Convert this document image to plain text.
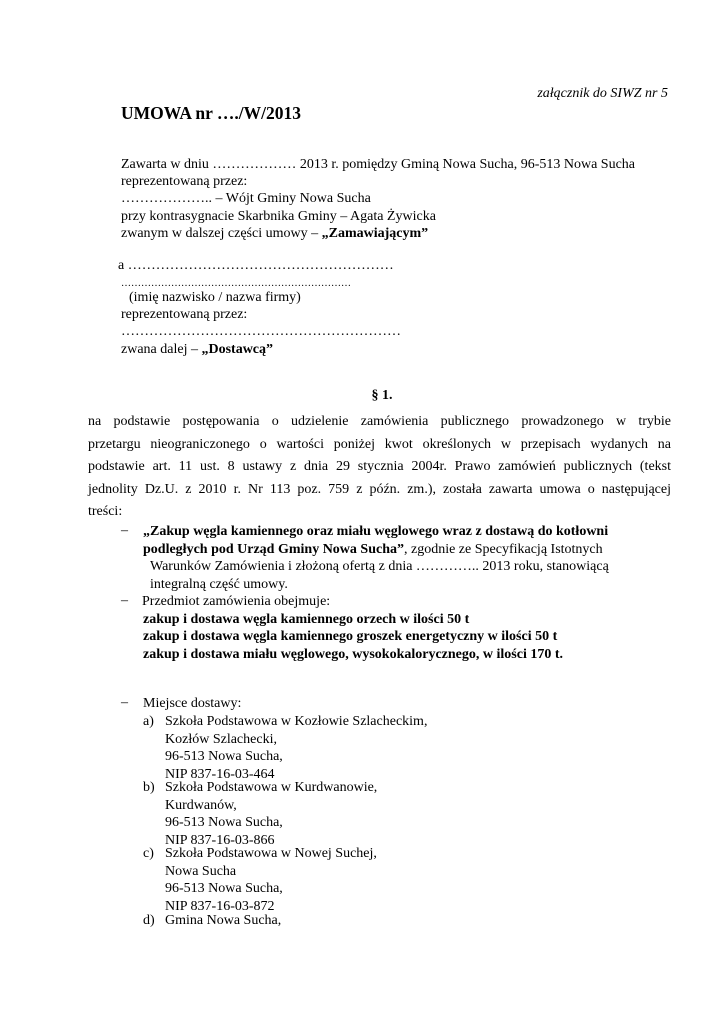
załącznik do SIWZ nr 5
UMOWA nr …./W/2013
Zawarta w dniu ……………… 2013 r. pomiędzy Gminą Nowa Sucha, 96-513 Nowa Sucha
reprezentowaną przez:
……………….. – Wójt Gminy Nowa Sucha
przy kontrasygnacie Skarbnika Gminy – Agata Żywicka
zwanym w dalszej części umowy – „Zamawiającym”
a …………………………………………………
……………………………………………………………
(imię nazwisko / nazwa firmy)
reprezentowaną przez:
……………………………………………………
zwana dalej – „Dostawcą”
§ 1.
na podstawie postępowania o udzielenie zamówienia publicznego prowadzonego w trybie
przetargu nieograniczonego o wartości poniżej kwot określonych w przepisach wydanych na
podstawie art. 11 ust. 8 ustawy z dnia 29 stycznia 2004r. Prawo zamówień publicznych (tekst
jednolity Dz.U. z 2010 r. Nr 113 poz. 759 z późn. zm.), została zawarta umowa o następującej
treści:
– „Zakup węgla kamiennego oraz miału węglowego wraz z dostawą do kotłowni
podległych pod Urząd Gminy Nowa Sucha”, zgodnie ze Specyfikacją Istotnych
Warunków Zamówienia i złożoną ofertą z dnia ………….. 2013 roku, stanowiącą
integralną część umowy.
– Przedmiot zamówienia obejmuje:
zakup i dostawa węgla kamiennego orzech w ilości 50 t
zakup i dostawa węgla kamiennego groszek energetyczny w ilości 50 t
zakup i dostawa miału węglowego, wysokokalorycznego, w ilości 170 t.
– Miejsce dostawy:
a) Szkoła Podstawowa w Kozłowie Szlacheckim,
Kozłów Szlachecki,
96-513 Nowa Sucha,
NIP 837-16-03-464
b) Szkoła Podstawowa w Kurdwanowie,
Kurdwanów,
96-513 Nowa Sucha,
NIP 837-16-03-866
c) Szkoła Podstawowa w Nowej Suchej,
Nowa Sucha
96-513 Nowa Sucha,
NIP 837-16-03-872
d) Gmina Nowa Sucha,
